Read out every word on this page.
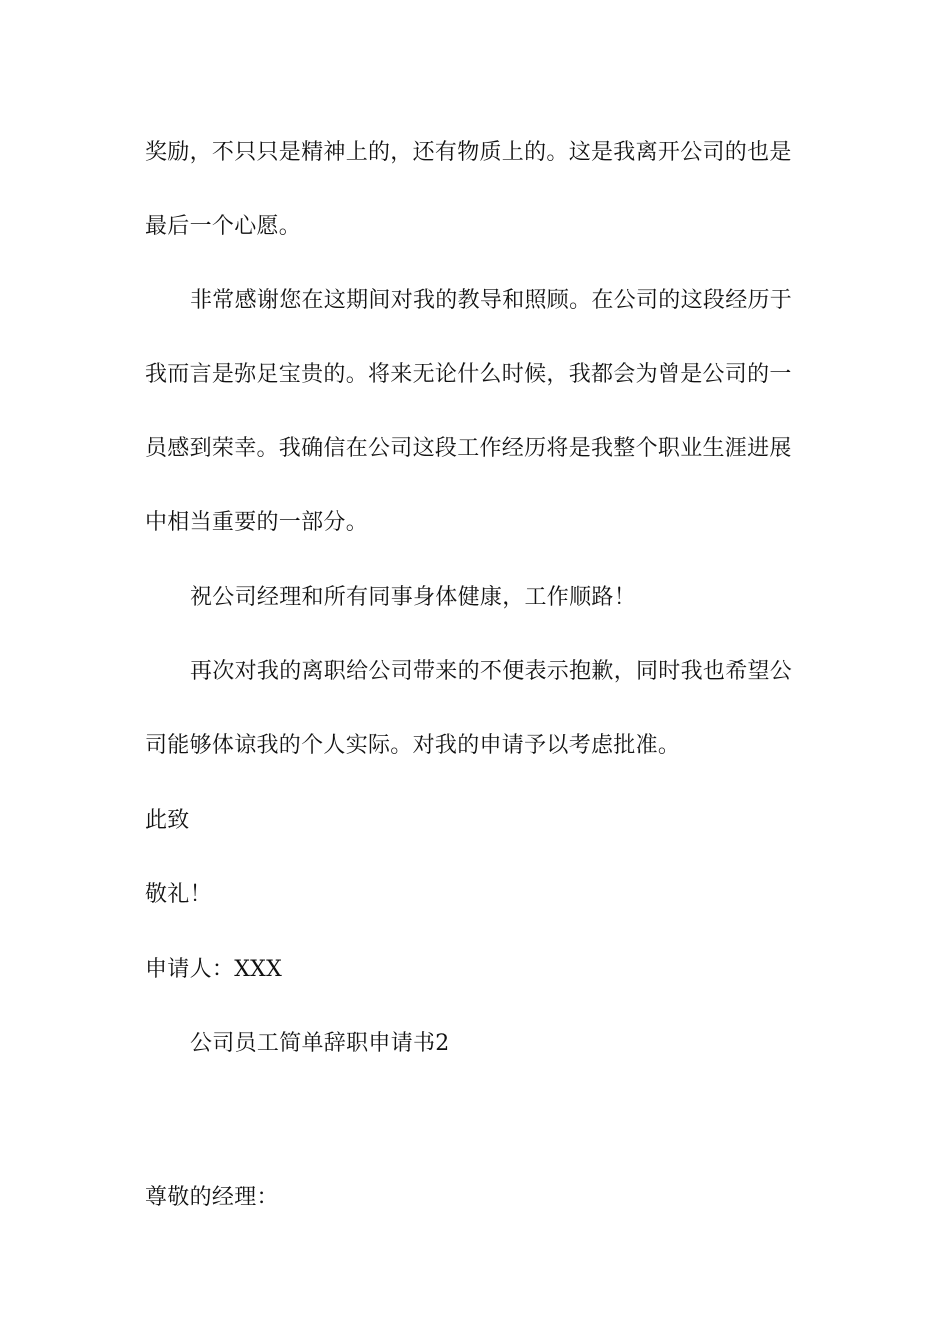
奖励，不只只是精神上的，还有物质上的。这是我离开公司的也是
最后一个心愿。
非常感谢您在这期间对我的教导和照顾。在公司的这段经历于
我而言是弥足宝贵的。将来无论什么时候，我都会为曾是公司的一
员感到荣幸。我确信在公司这段工作经历将是我整个职业生涯进展
中相当重要的一部分。
祝公司经理和所有同事身体健康，工作顺路！
再次对我的离职给公司带来的不便表示抱歉，同时我也希望公
司能够体谅我的个人实际。对我的申请予以考虑批准。
此致
敬礼！
申请人：XXX
公司员工简单辞职申请书2
尊敬的经理：
